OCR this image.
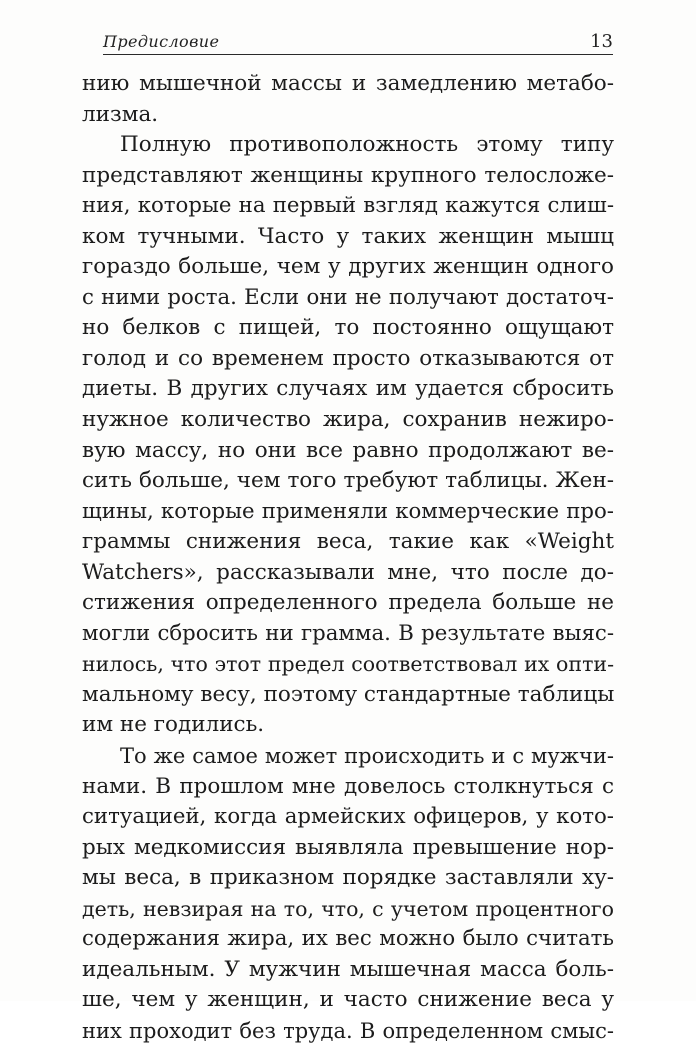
Предисловие	13
нию мышечной массы и замедлению метабо-
лизма.
Полную противоположность этому типу
представляют женщины крупного телосложе-
ния, которые на первый взгляд кажутся слиш-
ком тучными. Часто у таких женщин мышц
гораздо больше, чем у других женщин одного
с ними роста. Если они не получают достаточ-
но белков с пищей, то постоянно ощущают
голод и со временем просто отказываются от
диеты. В других случаях им удается сбросить
нужное количество жира, сохранив нежиро-
вую массу, но они все равно продолжают ве-
сить больше, чем того требуют таблицы. Жен-
щины, которые применяли коммерческие про-
граммы снижения веса, такие как «Weight
Watchers», рассказывали мне, что после до-
стижения определенного предела больше не
могли сбросить ни грамма. В результате выяс-
нилось, что этот предел соответствовал их опти-
мальному весу, поэтому стандартные таблицы
им не годились.
То же самое может происходить и с мужчи-
нами. В прошлом мне довелось столкнуться с
ситуацией, когда армейских офицеров, у кото-
рых медкомиссия выявляла превышение нор-
мы веса, в приказном порядке заставляли ху-
деть, невзирая на то, что, с учетом процентного
содержания жира, их вес можно было считать
идеальным. У мужчин мышечная масса боль-
ше, чем у женщин, и часто снижение веса у
них проходит без труда. В определенном смыс-
